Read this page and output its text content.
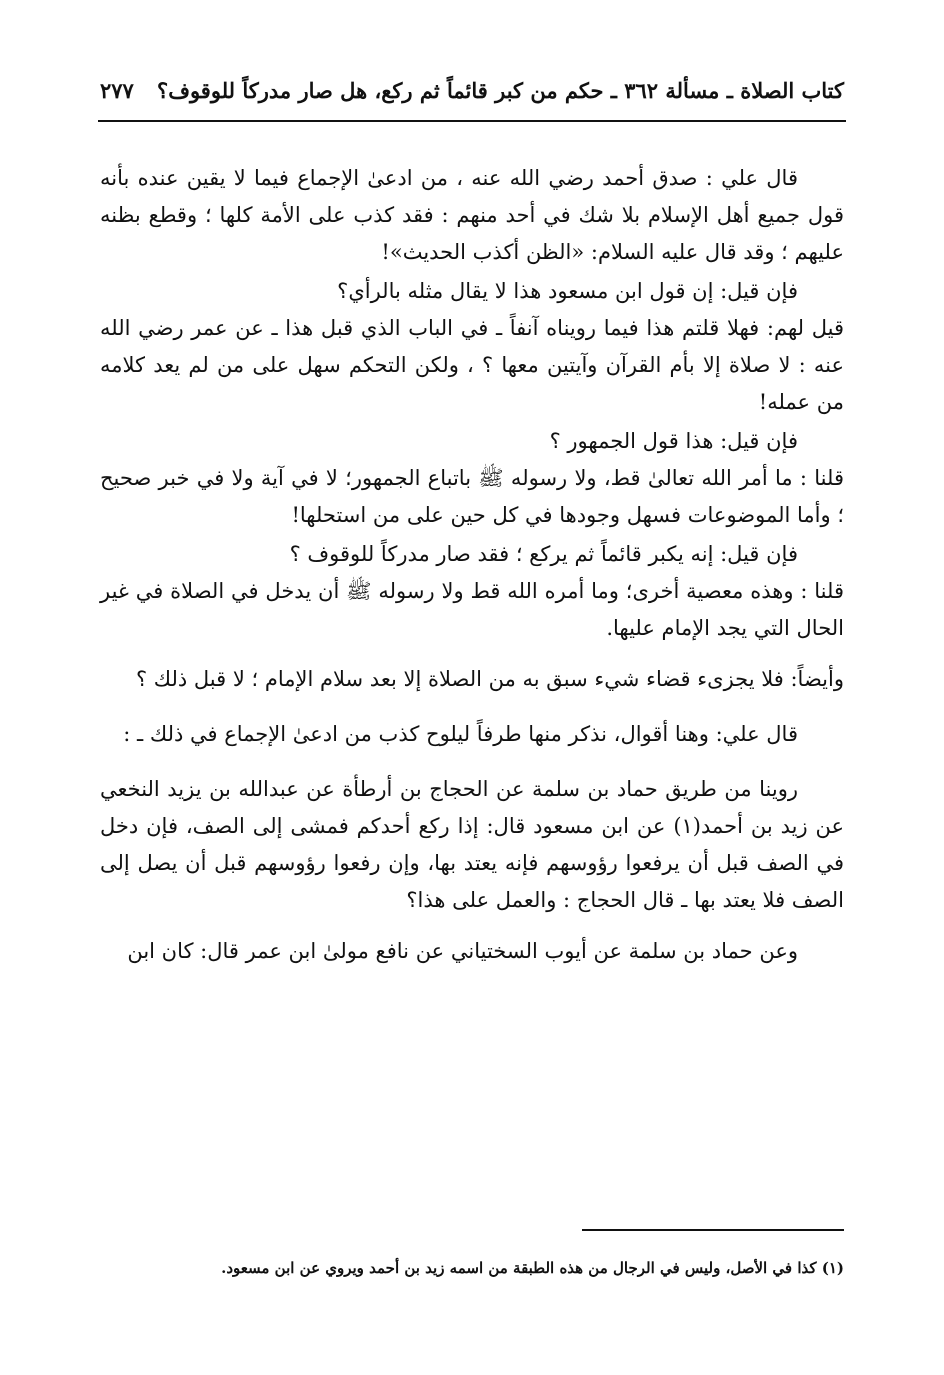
كتاب الصلاة ـ مسألة ٣٦٢ ـ حكم من كبر قائماً ثم ركع، هل صار مدركاً للوقوف؟
٢٧٧

قال علي : صدق أحمد رضي الله عنه ، من ادعىٰ الإجماع فيما لا يقين عنده بأنه قول جميع أهل الإسلام بلا شك في أحد منهم : فقد كذب على الأمة كلها ؛ وقطع بظنه عليهم ؛ وقد قال عليه السلام: «الظن أكذب الحديث»!

فإن قيل: إن قول ابن مسعود هذا لا يقال مثله بالرأي؟

قيل لهم: فهلا قلتم هذا فيما رويناه آنفاً ـ في الباب الذي قبل هذا ـ عن عمر رضي الله عنه : لا صلاة إلا بأم القرآن وآيتين معها ؟ ، ولكن التحكم سهل على من لم يعد كلامه من عمله!

فإن قيل: هذا قول الجمهور ؟

قلنا : ما أمر الله تعالىٰ قط، ولا رسوله ﷺ باتباع الجمهور؛ لا في آية ولا في خبر صحيح ؛ وأما الموضوعات فسهل وجودها في كل حين على من استحلها!

فإن قيل: إنه يكبر قائماً ثم يركع ؛ فقد صار مدركاً للوقوف ؟

قلنا : وهذه معصية أخرى؛ وما أمره الله قط ولا رسوله ﷺ أن يدخل في الصلاة في غير الحال التي يجد الإمام عليها.

وأيضاً: فلا يجزىء قضاء شيء سبق به من الصلاة إلا بعد سلام الإمام ؛ لا قبل ذلك ؟

قال علي: وهنا أقوال، نذكر منها طرفاً ليلوح كذب من ادعىٰ الإجماع في ذلك ـ :

روينا من طريق حماد بن سلمة عن الحجاج بن أرطأة عن عبدالله بن يزيد النخعي عن زيد بن أحمد(١) عن ابن مسعود قال: إذا ركع أحدكم فمشى إلى الصف، فإن دخل في الصف قبل أن يرفعوا رؤوسهم فإنه يعتد بها، وإن رفعوا رؤوسهم قبل أن يصل إلى الصف فلا يعتد بها ـ قال الحجاج : والعمل على هذا؟

وعن حماد بن سلمة عن أيوب السختياني عن نافع مولىٰ ابن عمر قال: كان ابن

(١) كذا في الأصل، وليس في الرجال من هذه الطبقة من اسمه زيد بن أحمد ويروي عن ابن مسعود.
